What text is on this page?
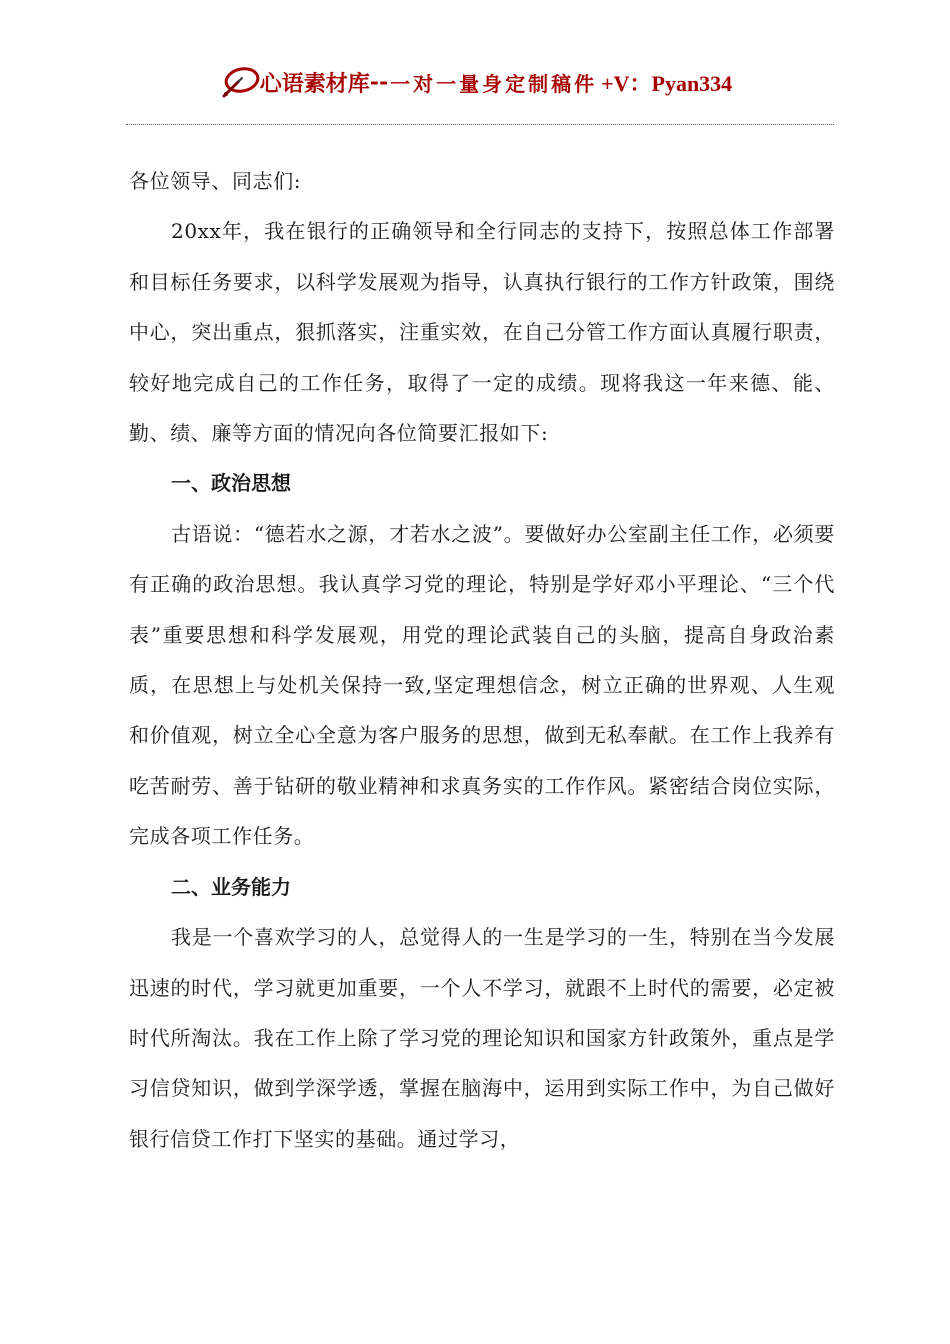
心语素材库 -- 一对一量身定制稿件 +V：Pyan334

各位领导、同志们:

20xx年，我在银行的正确领导和全行同志的支持下，按照总体工作部署和目标任务要求，以科学发展观为指导，认真执行银行的工作方针政策，围绕中心，突出重点，狠抓落实，注重实效，在自己分管工作方面认真履行职责，较好地完成自己的工作任务，取得了一定的成绩。现将我这一年来德、能、勤、绩、廉等方面的情况向各位简要汇报如下:

一、政治思想

古语说：“德若水之源，才若水之波”。要做好办公室副主任工作，必须要有正确的政治思想。我认真学习党的理论，特别是学好邓小平理论、“三个代表”重要思想和科学发展观，用党的理论武装自己的头脑，提高自身政治素质，在思想上与处机关保持一致,坚定理想信念，树立正确的世界观、人生观和价值观，树立全心全意为客户服务的思想，做到无私奉献。在工作上我养有吃苦耐劳、善于钻研的敬业精神和求真务实的工作作风。紧密结合岗位实际，完成各项工作任务。

二、业务能力

我是一个喜欢学习的人，总觉得人的一生是学习的一生，特别在当今发展迅速的时代，学习就更加重要，一个人不学习，就跟不上时代的需要，必定被时代所淘汰。我在工作上除了学习党的理论知识和国家方针政策外，重点是学习信贷知识，做到学深学透，掌握在脑海中，运用到实际工作中，为自己做好银行信贷工作打下坚实的基础。通过学习，
